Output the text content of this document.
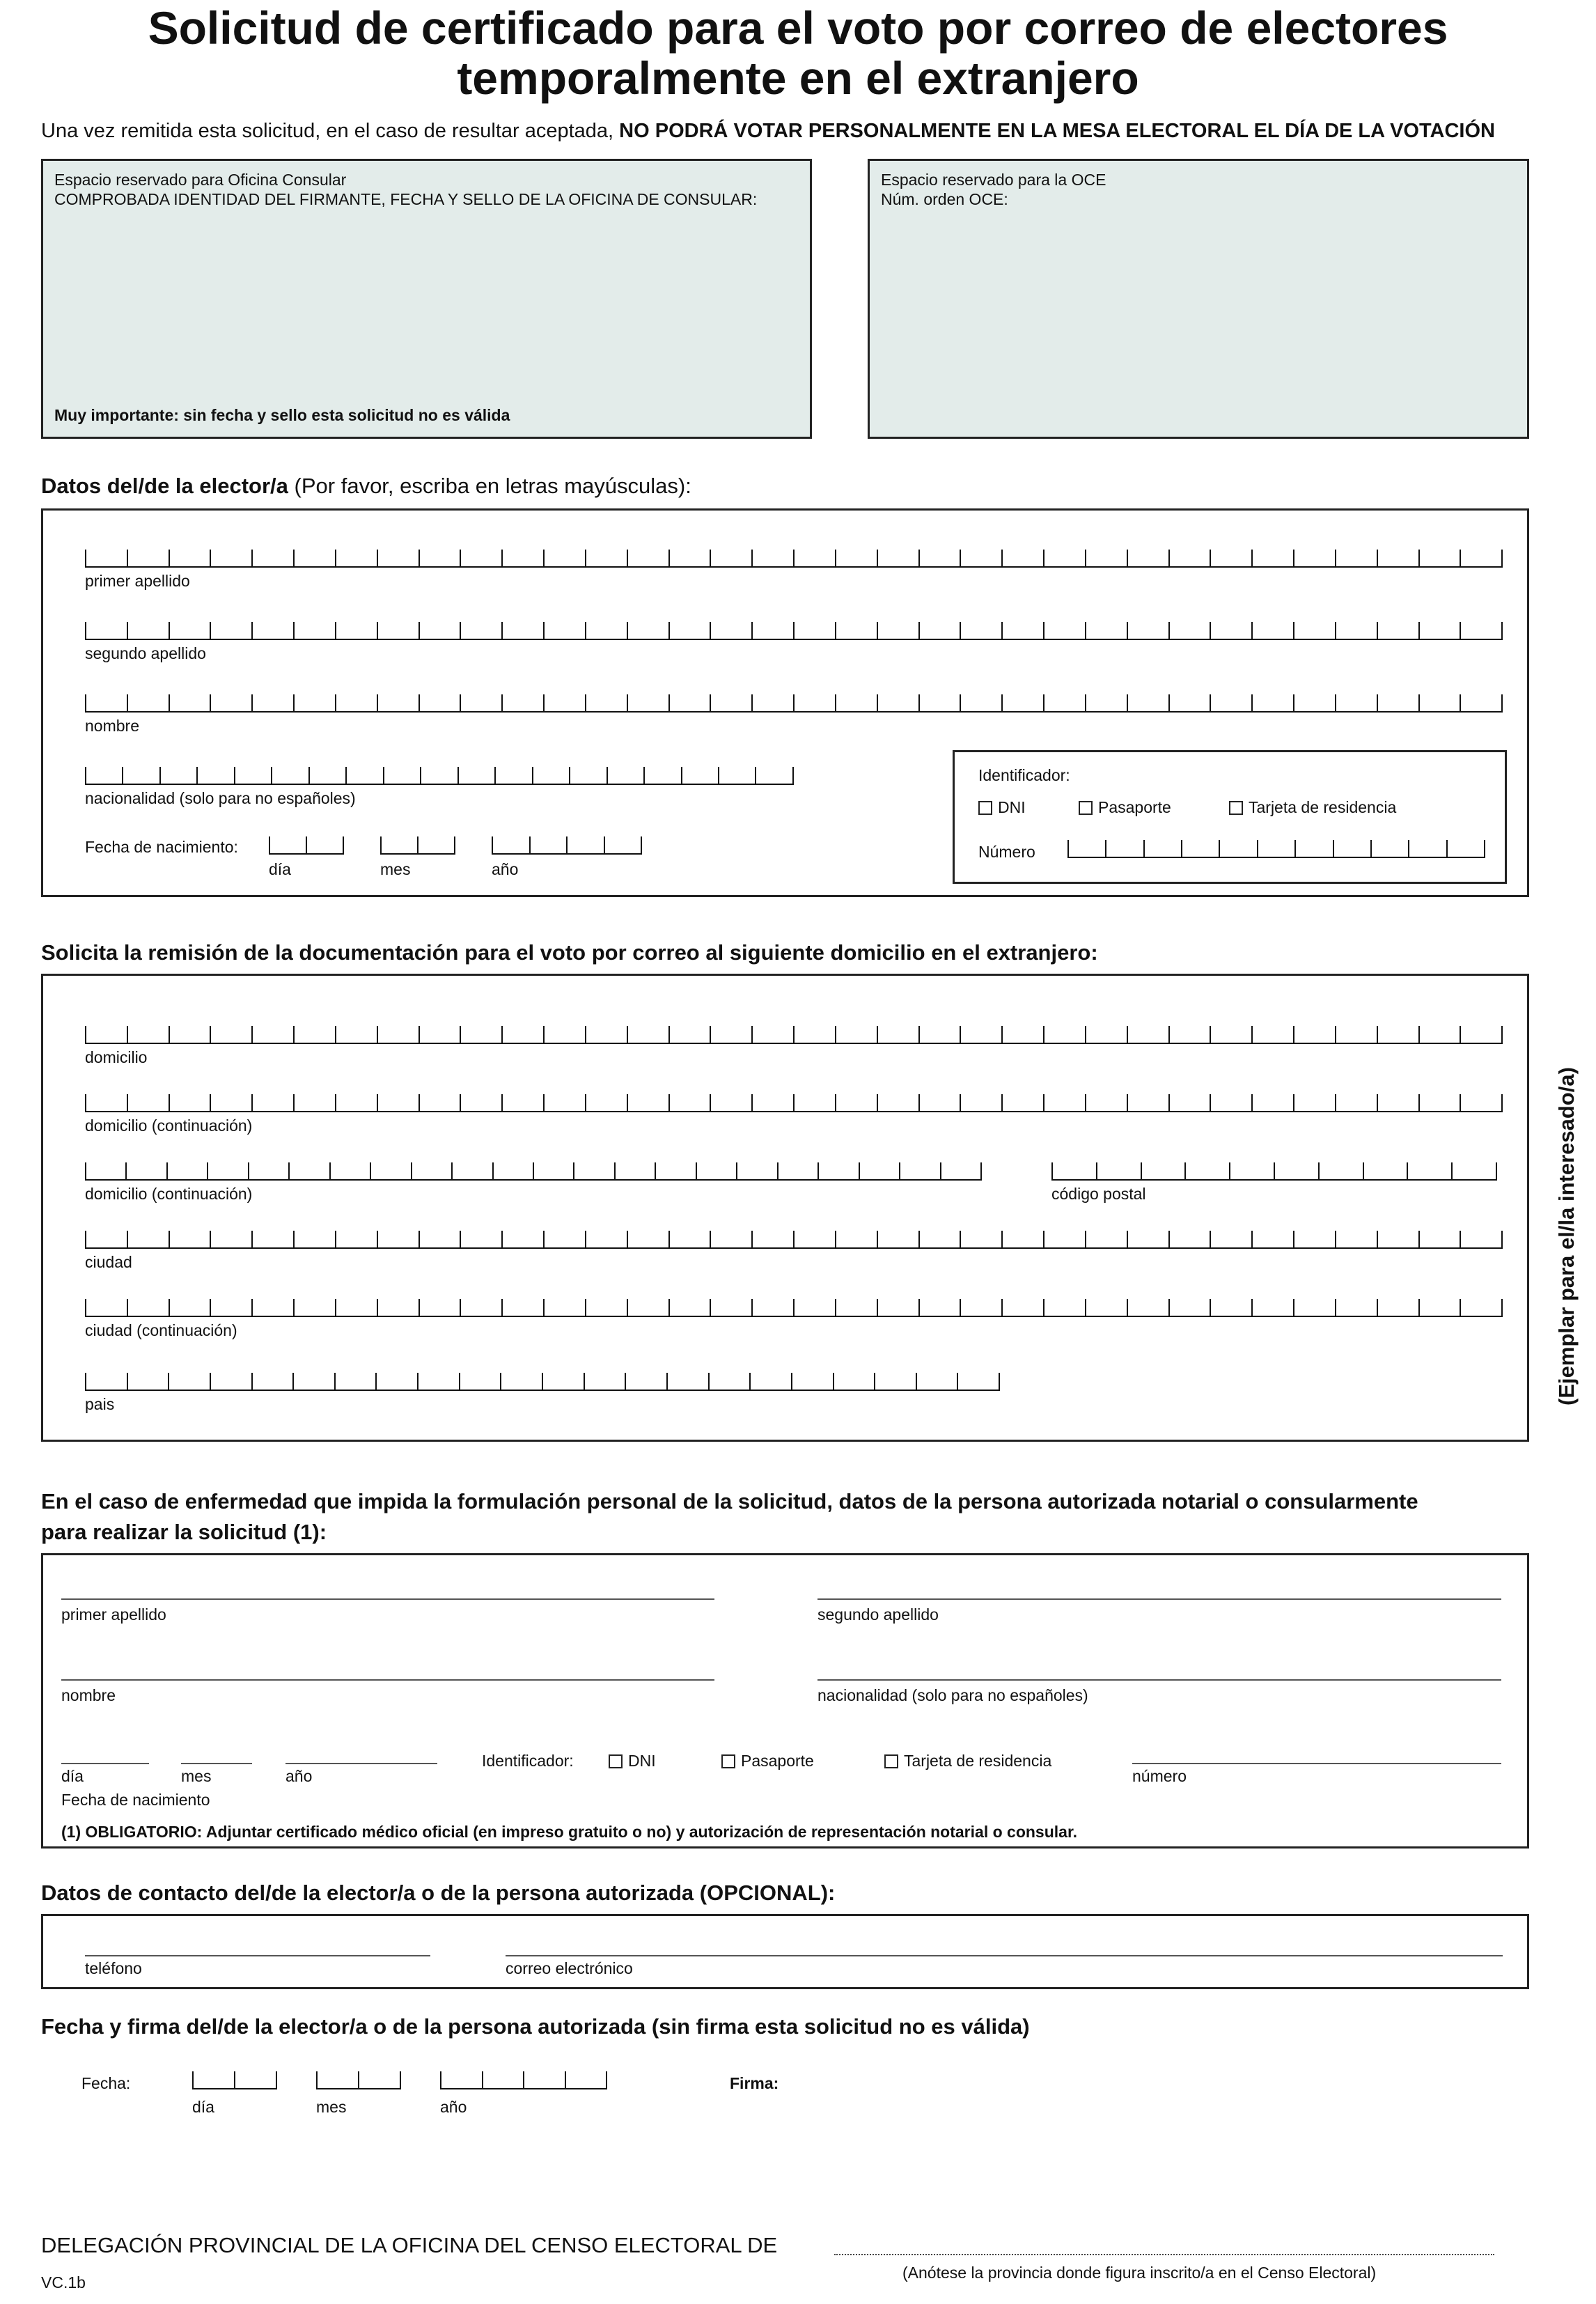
Solicitud de certificado para el voto por correo de electores
temporalmente en el extranjero
Una vez remitida esta solicitud, en el caso de resultar aceptada, NO PODRÁ VOTAR PERSONALMENTE EN LA MESA ELECTORAL EL DÍA DE LA VOTACIÓN
Espacio reservado para Oficina Consular
COMPROBADA IDENTIDAD DEL FIRMANTE, FECHA Y SELLO DE LA OFICINA DE CONSULAR:
Muy importante: sin fecha y sello esta solicitud no es válida
Espacio reservado para la OCE
Núm. orden OCE:
Datos del/de la elector/a (Por favor, escriba en letras mayúsculas):
primer apellido
segundo apellido
nombre
nacionalidad (solo para no españoles)
Fecha de nacimiento:
día	mes	año
Identificador:
DNI	Pasaporte	Tarjeta de residencia
Número
Solicita la remisión de la documentación para el voto por correo al siguiente domicilio en el extranjero:
domicilio
domicilio (continuación)
domicilio (continuación)	código postal
ciudad
ciudad (continuación)
pais	(Ejemplar para el/la interesado/a)
En el caso de enfermedad que impida la formulación personal de la solicitud, datos de la persona autorizada notarial o consularmente
para realizar la solicitud (1):
primer apellido	segundo apellido
nombre	nacionalidad (solo para no españoles)
día	mes	año
Fecha de nacimiento
Identificador:	DNI	Pasaporte	Tarjeta de residencia
número
(1) OBLIGATORIO: Adjuntar certificado médico oficial (en impreso gratuito o no) y autorización de representación notarial o consular.
Datos de contacto del/de la elector/a o de la persona autorizada (OPCIONAL):
teléfono	correo electrónico
Fecha y firma del/de la elector/a o de la persona autorizada (sin firma esta solicitud no es válida)
Fecha:
día	mes	año
Firma:
DELEGACIÓN PROVINCIAL DE LA OFICINA DEL CENSO ELECTORAL DE
(Anótese la provincia donde figura inscrito/a en el Censo Electoral)
VC.1b
